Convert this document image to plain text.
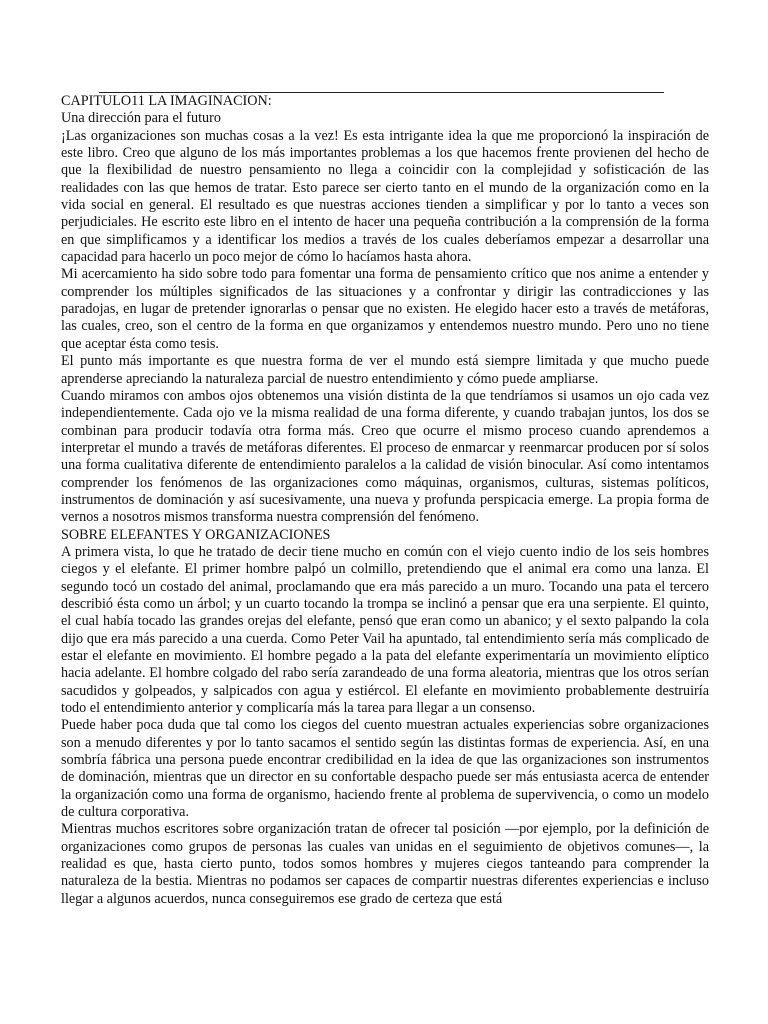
CAPITULO11 LA IMAGINACION:
Una dirección para el futuro

¡Las organizaciones son muchas cosas a la vez! Es esta intrigante idea la que me proporcionó la inspiración de este libro. Creo que alguno de los más importantes problemas a los que hacemos frente provienen del hecho de que la flexibilidad de nuestro pensamiento no llega a coincidir con la complejidad y sofisticación de las realidades con las que hemos de tratar. Esto parece ser cierto tanto en el mundo de la organización como en la vida social en general. El resultado es que nuestras acciones tienden a simplificar y por lo tanto a veces son perjudiciales. He escrito este libro en el intento de hacer una pequeña contribución a la comprensión de la forma en que simplificamos y a identificar los medios a través de los cuales deberíamos empezar a desarrollar una capacidad para hacerlo un poco mejor de cómo lo hacíamos hasta ahora.

Mi acercamiento ha sido sobre todo para fomentar una forma de pensamiento crítico que nos anime a entender y comprender los múltiples significados de las situaciones y a confrontar y dirigir las contradicciones y las paradojas, en lugar de pretender ignorarlas o pensar que no existen. He elegido hacer esto a través de metáforas, las cuales, creo, son el centro de la forma en que organizamos y entendemos nuestro mundo. Pero uno no tiene que aceptar ésta como tesis.

El punto más importante es que nuestra forma de ver el mundo está siempre limitada y que mucho puede aprenderse apreciando la naturaleza parcial de nuestro entendimiento y cómo puede ampliarse.

Cuando miramos con ambos ojos obtenemos una visión distinta de la que tendríamos si usamos un ojo cada vez independientemente. Cada ojo ve la misma realidad de una forma diferente, y cuando trabajan juntos, los dos se combinan para producir todavía otra forma más. Creo que ocurre el mismo proceso cuando aprendemos a interpretar el mundo a través de metáforas diferentes. El proceso de enmarcar y reenmarcar producen por sí solos una forma cualitativa diferente de entendimiento paralelos a la calidad de visión binocular. Así como intentamos comprender los fenómenos de las organizaciones como máquinas, organismos, culturas, sistemas políticos, instrumentos de dominación y así sucesivamente, una nueva y profunda perspicacia emerge. La propia forma de vernos a nosotros mismos transforma nuestra comprensión del fenómeno.

SOBRE ELEFANTES Y ORGANIZACIONES

A primera vista, lo que he tratado de decir tiene mucho en común con el viejo cuento indio de los seis hombres ciegos y el elefante. El primer hombre palpó un colmillo, pretendiendo que el animal era como una lanza. El segundo tocó un costado del animal, proclamando que era más parecido a un muro. Tocando una pata el tercero describió ésta como un árbol; y un cuarto tocando la trompa se inclinó a pensar que era una serpiente. El quinto, el cual había tocado las grandes orejas del elefante, pensó que eran como un abanico; y el sexto palpando la cola dijo que era más parecido a una cuerda. Como Peter Vail ha apuntado, tal entendimiento sería más complicado de estar el elefante en movimiento. El hombre pegado a la pata del elefante experimentaría un movimiento elíptico hacia adelante. El hombre colgado del rabo sería zarandeado de una forma aleatoria, mientras que los otros serían sacudidos y golpeados, y salpicados con agua y estiércol. El elefante en movimiento probablemente destruiría todo el entendimiento anterior y complicaría más la tarea para llegar a un consenso.

Puede haber poca duda que tal como los ciegos del cuento muestran actuales experiencias sobre organizaciones son a menudo diferentes y por lo tanto sacamos el sentido según las distintas formas de experiencia. Así, en una sombría fábrica una persona puede encontrar credibilidad en la idea de que las organizaciones son instrumentos de dominación, mientras que un director en su confortable despacho puede ser más entusiasta acerca de entender la organización como una forma de organismo, haciendo frente al problema de supervivencia, o como un modelo de cultura corporativa.

Mientras muchos escritores sobre organización tratan de ofrecer tal posición —por ejemplo, por la definición de organizaciones como grupos de personas las cuales van unidas en el seguimiento de objetivos comunes—, la realidad es que, hasta cierto punto, todos somos hombres y mujeres ciegos tanteando para comprender la naturaleza de la bestia. Mientras no podamos ser capaces de compartir nuestras diferentes experiencias e incluso llegar a algunos acuerdos, nunca conseguiremos ese grado de certeza que está
